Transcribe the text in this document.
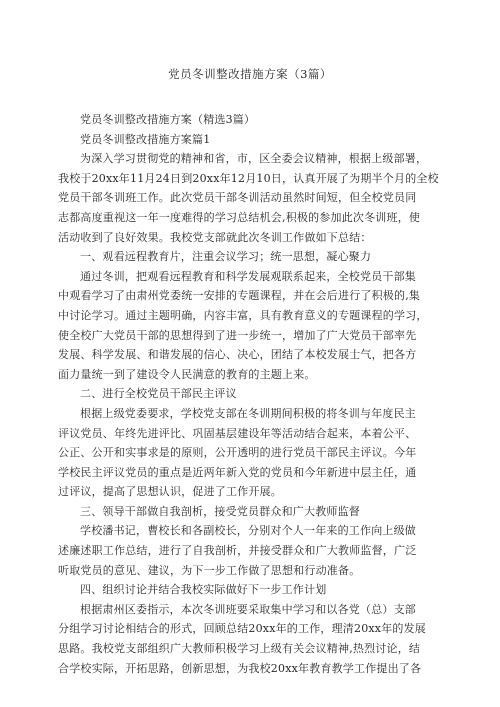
党员冬训整改措施方案（3篇）

党员冬训整改措施方案（精选3篇）

党员冬训整改措施方案篇1

为深入学习贯彻党的精神和省，市，区全委会议精神，根据上级部署，

我校于20xx年11月24日到20xx年12月10日，认真开展了为期半个月的全校

党员干部冬训班工作。此次党员干部冬训活动虽然时间短，但全校党员同

志都高度重视这一年一度难得的学习总结机会,积极的参加此次冬训班，使

活动收到了良好效果。我校党支部就此次冬训工作做如下总结：

一、观看远程教育片，注重会议学习；统一思想，凝心聚力

通过冬训，把观看远程教育和科学发展观联系起来，全校党员干部集

中观看学习了由肃州党委统一安排的专题课程，并在会后进行了积极的,集

中讨论学习。通过主题明确，内容丰富，具有教育意义的专题课程的学习，

使全校广大党员干部的思想得到了进一步统一，增加了广大党员干部率先

发展、科学发展、和谐发展的信心、决心，团结了本校发展士气，把各方

面力量统一到了建设令人民满意的教育的主题上来。

二、进行全校党员干部民主评议

根据上级党委要求，学校党支部在冬训期间积极的将冬训与年度民主

评议党员、年终先进评比、巩固基层建设年等活动结合起来，本着公平、

公正、公开和实事求是的原则，公开透明的进行党员干部民主评议。今年

学校民主评议党员的重点是近两年新入党的党员和今年新进中层主任，通

过评议，提高了思想认识，促进了工作开展。

三、领导干部做自我剖析，接受党员群众和广大教师监督

学校潘书记，曹校长和各副校长，分别对个人一年来的工作向上级做

述廉述职工作总结，进行了自我剖析，并接受群众和广大教师监督，广泛

听取党员的意见、建议，为下一步工作做了思想和行动准备。

四、组织讨论并结合我校实际做好下一步工作计划

根据肃州区委指示，本次冬训班要采取集中学习和以各党（总）支部

分组学习讨论相结合的形式，回顾总结20xx年的工作，理清20xx年的发展

思路。我校党支部组织广大教师积极学习上级有关会议精神,热烈讨论，结

合学校实际，开拓思路，创新思想，为我校20xx年教育教学工作提出了各
